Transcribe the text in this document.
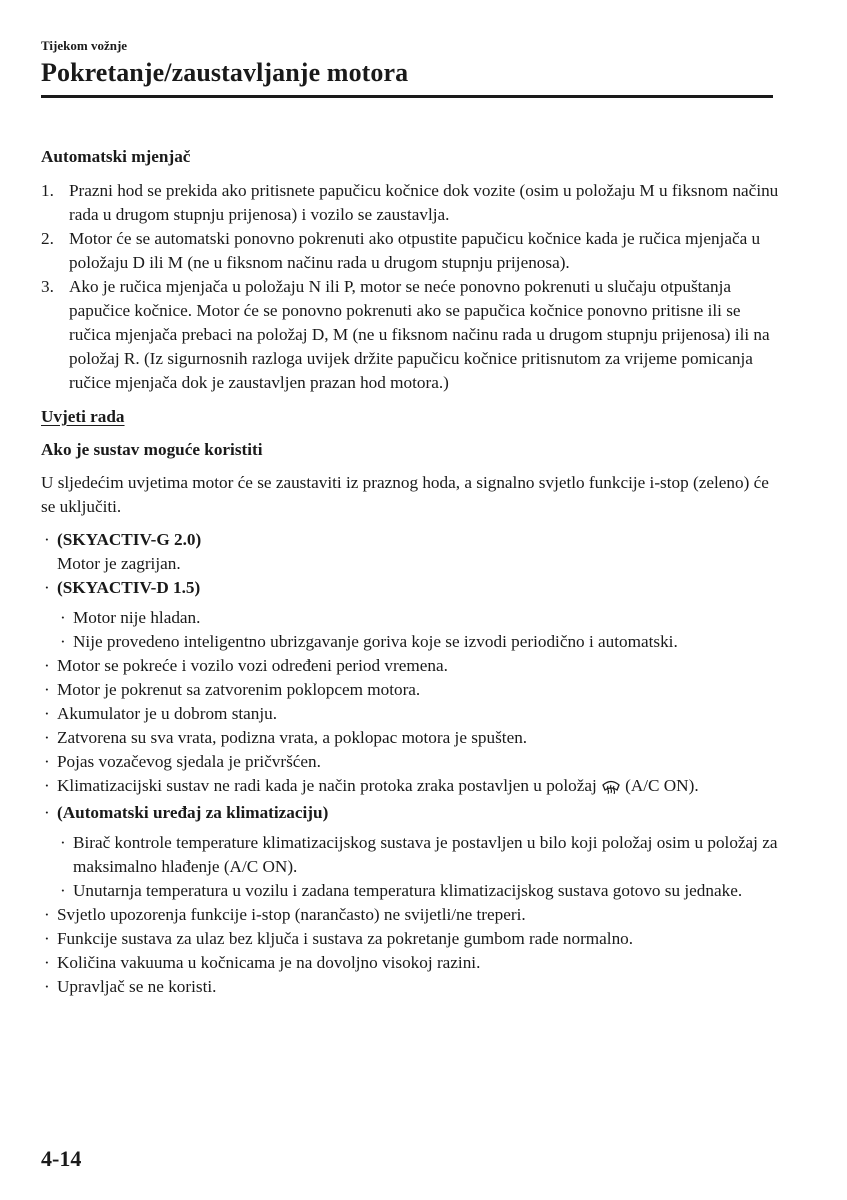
Tijekom vožnje
Pokretanje/zaustavljanje motora

Automatski mjenjač

1. Prazni hod se prekida ako pritisnete papučicu kočnice dok vozite (osim u položaju M u fiksnom načinu rada u drugom stupnju prijenosa) i vozilo se zaustavlja.
2. Motor će se automatski ponovno pokrenuti ako otpustite papučicu kočnice kada je ručica mjenjača u položaju D ili M (ne u fiksnom načinu rada u drugom stupnju prijenosa).
3. Ako je ručica mjenjača u položaju N ili P, motor se neće ponovno pokrenuti u slučaju otpuštanja papučice kočnice. Motor će se ponovno pokrenuti ako se papučica kočnice ponovno pritisne ili se ručica mjenjača prebaci na položaj D, M (ne u fiksnom načinu rada u drugom stupnju prijenosa) ili na položaj R. (Iz sigurnosnih razloga uvijek držite papučicu kočnice pritisnutom za vrijeme pomicanja ručice mjenjača dok je zaustavljen prazan hod motora.)

Uvjeti rada

Ako je sustav moguće koristiti

U sljedećim uvjetima motor će se zaustaviti iz praznog hoda, a signalno svjetlo funkcije i-stop (zeleno) će se uključiti.

· (SKYACTIV-G 2.0)
Motor je zagrijan.
· (SKYACTIV-D 1.5)
· Motor nije hladan.
· Nije provedeno inteligentno ubrizgavanje goriva koje se izvodi periodično i automatski.
· Motor se pokreće i vozilo vozi određeni period vremena.
· Motor je pokrenut sa zatvorenim poklopcem motora.
· Akumulator je u dobrom stanju.
· Zatvorena su sva vrata, podizna vrata, a poklopac motora je spušten.
· Pojas vozačevog sjedala je pričvršćen.
· Klimatizacijski sustav ne radi kada je način protoka zraka postavljen u položaj (A/C ON).
· (Automatski uređaj za klimatizaciju)
· Birač kontrole temperature klimatizacijskog sustava je postavljen u bilo koji položaj osim u položaj za maksimalno hlađenje (A/C ON).
· Unutarnja temperatura u vozilu i zadana temperatura klimatizacijskog sustava gotovo su jednake.
· Svjetlo upozorenja funkcije i-stop (narančasto) ne svijetli/ne treperi.
· Funkcije sustava za ulaz bez ključa i sustava za pokretanje gumbom rade normalno.
· Količina vakuuma u kočnicama je na dovoljno visokoj razini.
· Upravljač se ne koristi.
4-14
